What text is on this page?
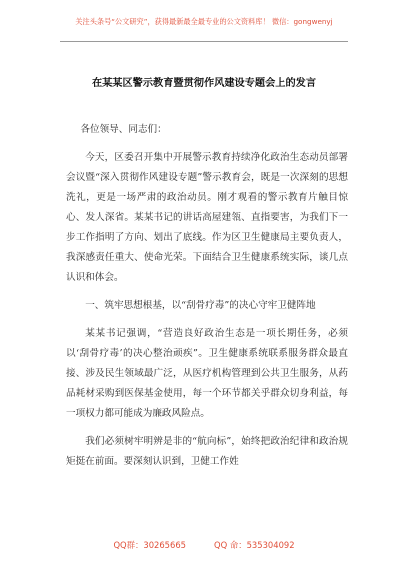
关注头条号“公文研究”，获得最新最全最专业的公文资料库！ 微信：gongwenyj
在某某区警示教育暨贯彻作风建设专题会上的发言

各位领导、同志们：

今天，区委召开集中开展警示教育持续净化政治生态动员部署会议暨“深入贯彻作风建设专题”警示教育会，既是一次深刻的思想洗礼，更是一场严肃的政治动员。刚才观看的警示教育片触目惊心、发人深省。某某书记的讲话高屋建瓴、直指要害，为我们下一步工作指明了方向、划出了底线。作为区卫生健康局主要负责人，我深感责任重大、使命光荣。下面结合卫生健康系统实际，谈几点认识和体会。

一、筑牢思想根基，以“刮骨疗毒”的决心守牢卫健阵地

某某书记强调，“营造良好政治生态是一项长期任务，必须以‘刮骨疗毒’的决心整治顽疾”。卫生健康系统联系服务群众最直接、涉及民生领域最广泛，从医疗机构管理到公共卫生服务，从药品耗材采购到医保基金使用，每一个环节都关乎群众切身利益，每一项权力都可能成为廉政风险点。

我们必须树牢明辨是非的“航向标”，始终把政治纪律和政治规矩挺在前面。要深刻认识到，卫健工作姓

QQ群：30265665	QQ 命：535304092
